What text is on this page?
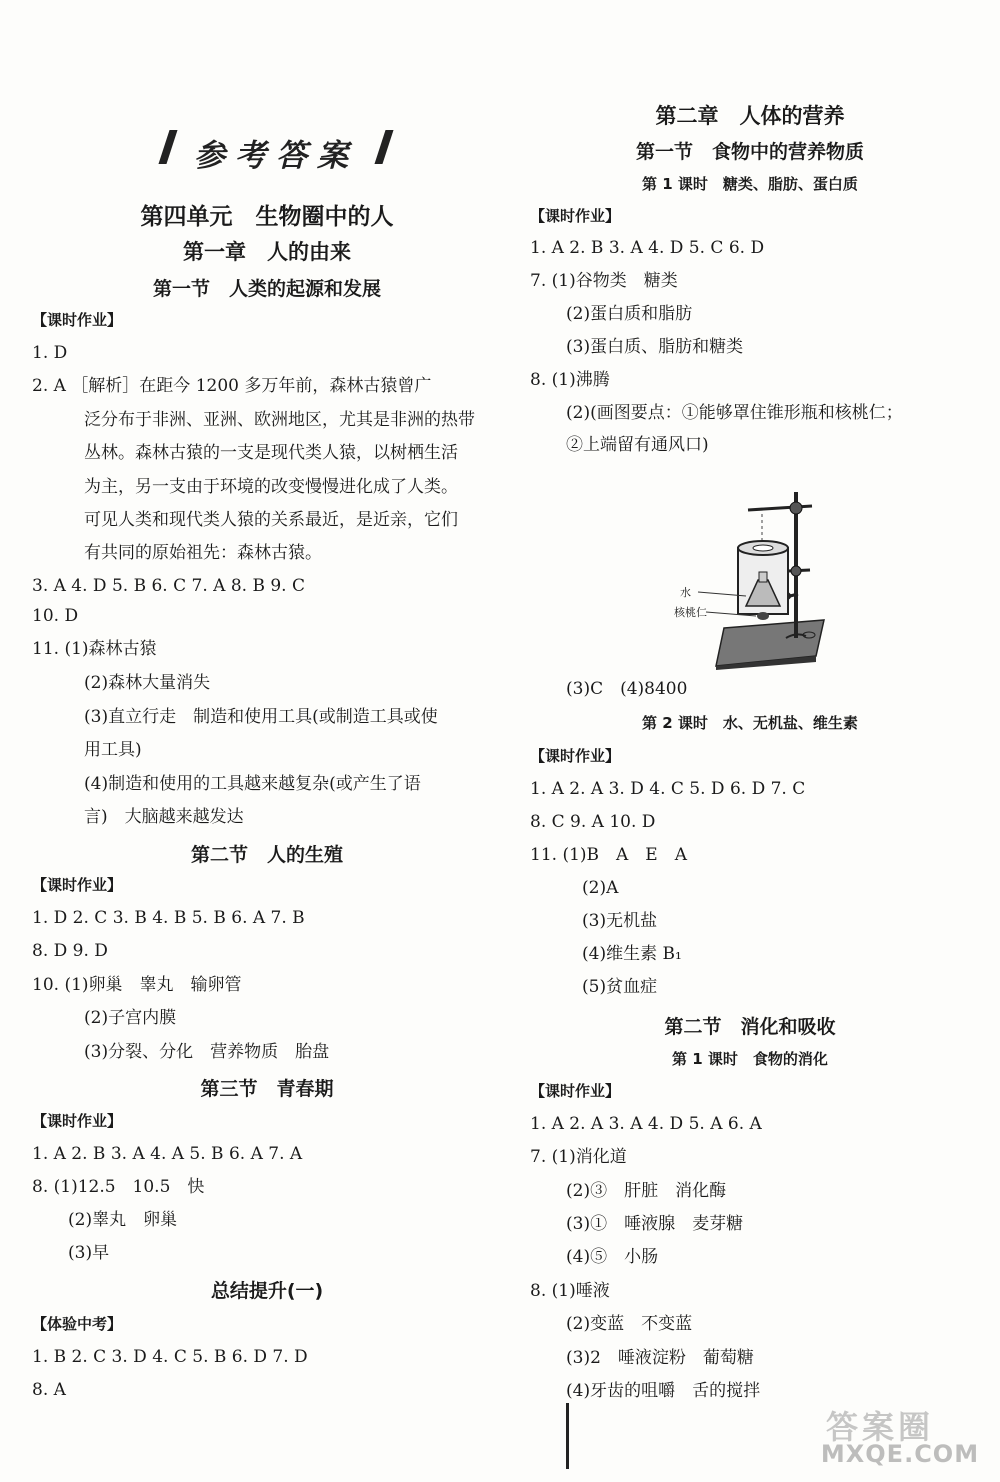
参考答案
第四单元　生物圈中的人
第一章　人的由来
第一节　人类的起源和发展
【课时作业】
1. D
2. A ［解析］在距今 1200 多万年前，森林古猿曾广
泛分布于非洲、亚洲、欧洲地区，尤其是非洲的热带
丛林。森林古猿的一支是现代类人猿，以树栖生活
为主，另一支由于环境的改变慢慢进化成了人类。
可见人类和现代类人猿的关系最近，是近亲，它们
有共同的原始祖先：森林古猿。
3. A 4. D 5. B 6. C 7. A 8. B 9. C
10. D
11. (1)森林古猿
(2)森林大量消失
(3)直立行走　制造和使用工具(或制造工具或使
用工具)
(4)制造和使用的工具越来越复杂(或产生了语
言)　大脑越来越发达
第二节　人的生殖
【课时作业】
1. D 2. C 3. B 4. B 5. B 6. A 7. B
8. D 9. D
10. (1)卵巢　睾丸　输卵管
(2)子宫内膜
(3)分裂、分化　营养物质　胎盘
第三节　青春期
【课时作业】
1. A 2. B 3. A 4. A 5. B 6. A 7. A
8. (1)12.5　10.5　快
(2)睾丸　卵巢
(3)早
总结提升(一)
【体验中考】
1. B 2. C 3. D 4. C 5. B 6. D 7. D
8. A
第二章　人体的营养
第一节　食物中的营养物质
第 1 课时　糖类、脂肪、蛋白质
【课时作业】
1. A 2. B 3. A 4. D 5. C 6. D
7. (1)谷物类　糖类
(2)蛋白质和脂肪
(3)蛋白质、脂肪和糖类
8. (1)沸腾
(2)(画图要点：①能够罩住锥形瓶和核桃仁；
②上端留有通风口)
(3)C　(4)8400
第 2 课时　水、无机盐、维生素
【课时作业】
1. A 2. A 3. D 4. C 5. D 6. D 7. C
8. C 9. A 10. D
11. (1)B　A　E　A
(2)A
(3)无机盐
(4)维生素 B₁
(5)贫血症
第二节　消化和吸收
第 1 课时　食物的消化
【课时作业】
1. A 2. A 3. A 4. D 5. A 6. A
7. (1)消化道
(2)③　肝脏　消化酶
(3)①　唾液腺　麦芽糖
(4)⑤　小肠
8. (1)唾液
(2)变蓝　不变蓝
(3)2　唾液淀粉　葡萄糖
(4)牙齿的咀嚼　舌的搅拌
水
核桃仁
答案圈
MXQE.COM
